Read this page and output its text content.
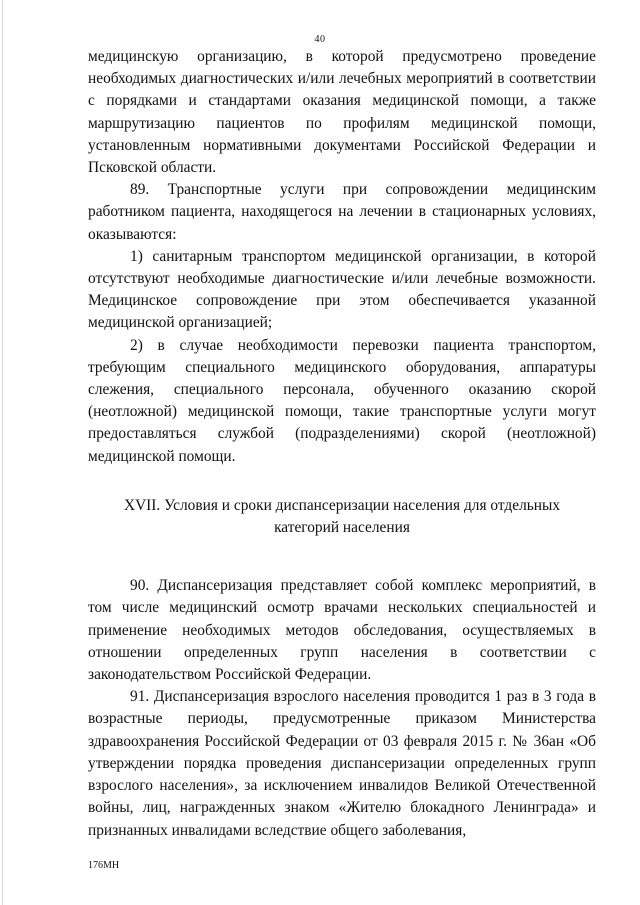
40

медицинскую организацию, в которой предусмотрено проведение необходимых диагностических и/или лечебных мероприятий в соответствии с порядками и стандартами оказания медицинской помощи, а также маршрутизацию пациентов по профилям медицинской помощи, установленным нормативными документами Российской Федерации и Псковской области.

89. Транспортные услуги при сопровождении медицинским работником пациента, находящегося на лечении в стационарных условиях, оказываются:

1) санитарным транспортом медицинской организации, в которой отсутствуют необходимые диагностические и/или лечебные возможности. Медицинское сопровождение при этом обеспечивается указанной медицинской организацией;

2) в случае необходимости перевозки пациента транспортом, требующим специального медицинского оборудования, аппаратуры слежения, специального персонала, обученного оказанию скорой (неотложной) медицинской помощи, такие транспортные услуги могут предоставляться службой (подразделениями) скорой (неотложной) медицинской помощи.

XVII. Условия и сроки диспансеризации населения для отдельных
категорий населения

90. Диспансеризация представляет собой комплекс мероприятий, в том числе медицинский осмотр врачами нескольких специальностей и применение необходимых методов обследования, осуществляемых в отношении определенных групп населения в соответствии с законодательством Российской Федерации.

91. Диспансеризация взрослого населения проводится 1 раз в 3 года в возрастные периоды, предусмотренные приказом Министерства здравоохранения Российской Федерации от 03 февраля 2015 г. № 36ан «Об утверждении порядка проведения диспансеризации определенных групп взрослого населения», за исключением инвалидов Великой Отечественной войны, лиц, награжденных знаком «Жителю блокадного Ленинграда» и признанных инвалидами вследствие общего заболевания,

176МН
